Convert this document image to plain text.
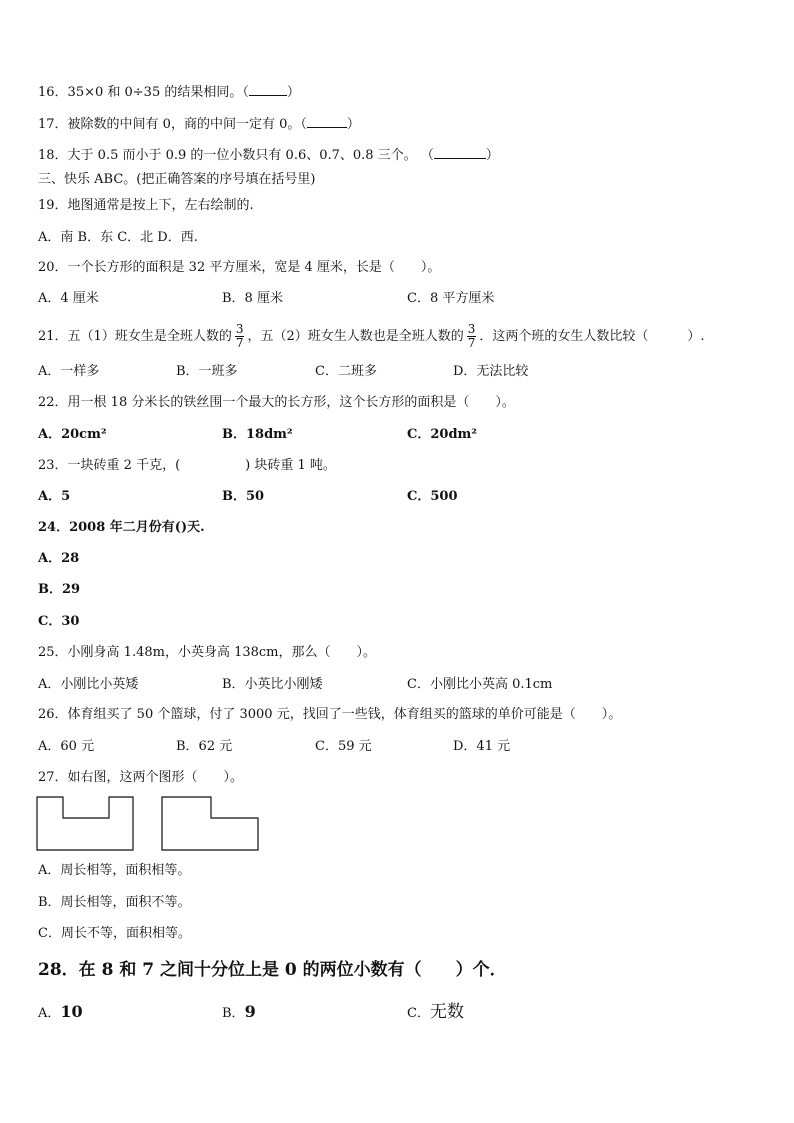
16．35×0 和 0÷35 的结果相同。（	）
17．被除数的中间有 0，商的中间一定有 0。（	）
18．大于 0.5 而小于 0.9 的一位小数只有 0.6、0.7、0.8 三个。 （	）
三、快乐 ABC。(把正确答案的序号填在括号里)
19．地图通常是按上下，左右绘制的.
A．南 B．东 C．北 D．西.
20．一个长方形的面积是 32 平方厘米，宽是 4 厘米，长是（　　）。
A．4 厘米	B．8 厘米	C．8 平方厘米
21．五（1）班女生是全班人数的 $\frac{3}{7}$ ，五（2）班女生人数也是全班人数的 $\frac{3}{7}$ ．这两个班的女生人数比较（　　　）.
A．一样多	B．一班多	C．二班多	D．无法比较
22．用一根 18 分米长的铁丝围一个最大的长方形，这个长方形的面积是（　　）。
A．20cm²	B．18dm²	C．20dm²
23．一块砖重 2 千克，(　　　　　) 块砖重 1 吨。
A．5	B．50	C．500
24．2008 年二月份有()天.
A．28
B．29
C．30
25．小刚身高 1.48m，小英身高 138cm，那么（　　）。
A．小刚比小英矮	B．小英比小刚矮	C．小刚比小英高 0.1cm
26．体育组买了 50 个篮球，付了 3000 元，找回了一些钱，体育组买的篮球的单价可能是（　　）。
A．60 元	B．62 元	C．59 元	D．41 元
27．如右图，这两个图形（　　）。
A．周长相等，面积相等。
B．周长相等，面积不等。
C．周长不等，面积相等。
28．在 8 和 7 之间十分位上是 0 的两位小数有（　　）个．
A．10	B．9	C．无数
